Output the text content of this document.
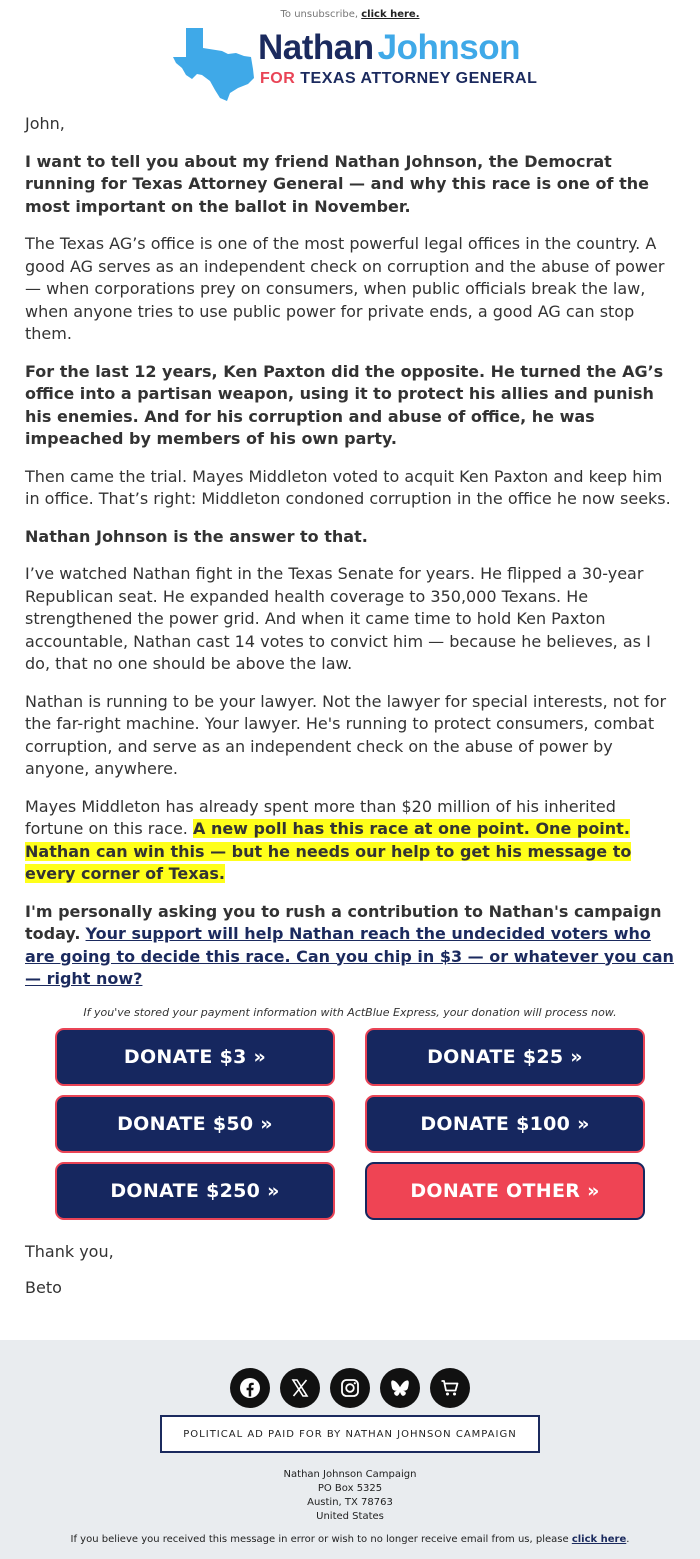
To unsubscribe, click here.
Nathan Johnson
FOR TEXAS ATTORNEY GENERAL
John,
I want to tell you about my friend Nathan Johnson, the Democrat running for Texas Attorney General — and why this race is one of the most important on the ballot in November.
The Texas AG’s office is one of the most powerful legal offices in the country. A good AG serves as an independent check on corruption and the abuse of power — when corporations prey on consumers, when public officials break the law, when anyone tries to use public power for private ends, a good AG can stop them.
For the last 12 years, Ken Paxton did the opposite. He turned the AG’s office into a partisan weapon, using it to protect his allies and punish his enemies. And for his corruption and abuse of office, he was impeached by members of his own party.
Then came the trial. Mayes Middleton voted to acquit Ken Paxton and keep him in office. That’s right: Middleton condoned corruption in the office he now seeks.
Nathan Johnson is the answer to that.
I’ve watched Nathan fight in the Texas Senate for years. He flipped a 30-year Republican seat. He expanded health coverage to 350,000 Texans. He strengthened the power grid. And when it came time to hold Ken Paxton accountable, Nathan cast 14 votes to convict him — because he believes, as I do, that no one should be above the law.
Nathan is running to be your lawyer. Not the lawyer for special interests, not for the far-right machine. Your lawyer. He's running to protect consumers, combat corruption, and serve as an independent check on the abuse of power by anyone, anywhere.
Mayes Middleton has already spent more than $20 million of his inherited fortune on this race. A new poll has this race at one point. One point. Nathan can win this — but he needs our help to get his message to every corner of Texas.
I'm personally asking you to rush a contribution to Nathan's campaign today. Your support will help Nathan reach the undecided voters who are going to decide this race. Can you chip in $3 — or whatever you can — right now?
If you've stored your payment information with ActBlue Express, your donation will process now.
DONATE $3 »	DONATE $25 »
DONATE $50 »	DONATE $100 »
DONATE $250 »	DONATE OTHER »
Thank you,
Beto
POLITICAL AD PAID FOR BY NATHAN JOHNSON CAMPAIGN
Nathan Johnson Campaign
PO Box 5325
Austin, TX 78763
United States
If you believe you received this message in error or wish to no longer receive email from us, please click here.
